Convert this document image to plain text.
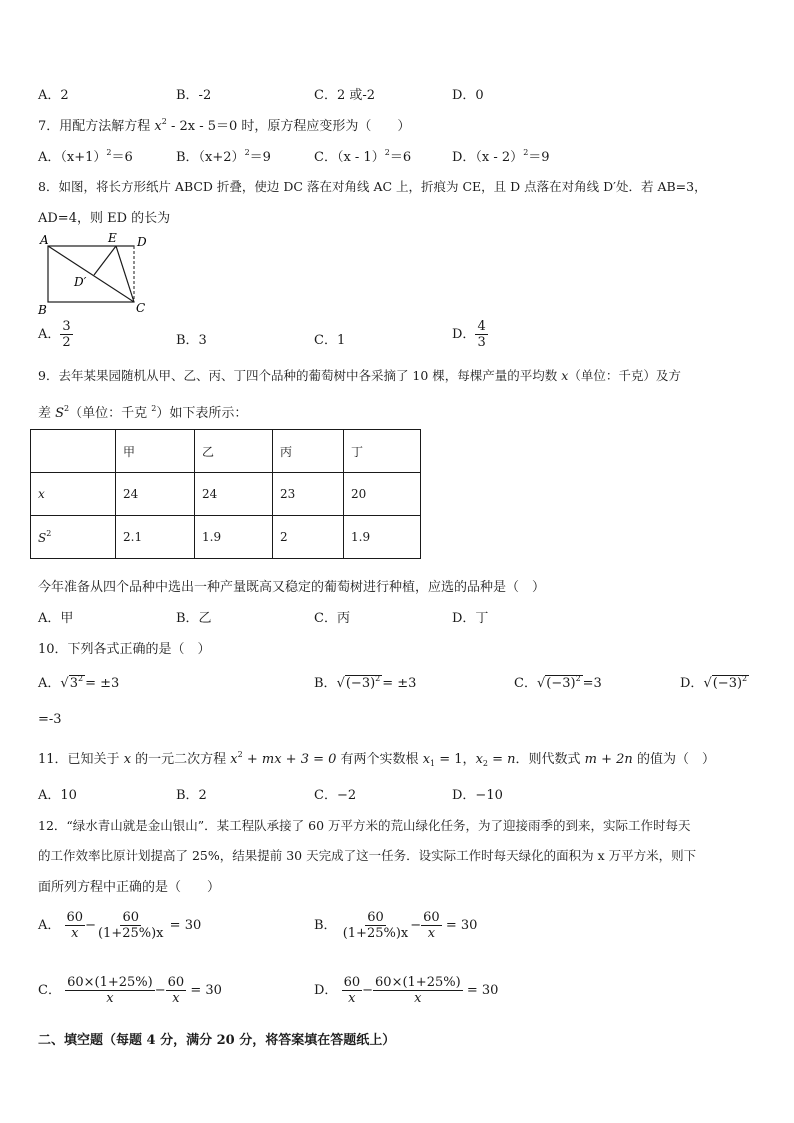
A．2	B．-2	C．2 或-2	D．0
7．用配方法解方程 $x^2 - 2x - 5=0$ 时，原方程应变形为（　　）
A．$(x+1)^2=6$	B．$(x+2)^2=9$	C．（x - 1）$^2$＝6	D．（x - 2）$^2$＝9
8．如图，将长方形纸片 ABCD 折叠，使边 DC 落在对角线 AC 上，折痕为 CE，且 D 点落在对角线 D′处．若 AB=3，
AD=4，则 ED 的长为
A	E D
D′
B	C
A． $\frac{3}{2}$	B．3	C．1	D． $\frac{4}{3}$
9．去年某果园随机从甲、乙、丙、丁四个品种的葡萄树中各采摘了 10 棵，每棵产量的平均数 x（单位：千克）及方
差 $S^2$（单位：千克 $^2$）如下表所示：
	甲	乙	丙	丁
x	24	24	23	20
$S^2$	2.1	1.9	2	1.9
今年准备从四个品种中选出一种产量既高又稳定的葡萄树进行种植，应选的品种是（　）
A．甲	B．乙	C．丙	D．丁
10．下列各式正确的是（　）
A．$√3^2 = \pm 3$	B．$√(-3)^2 = \pm 3$	C．$√(-3)^2 =3$	D．$√(-3)^2$
=-3
11．已知关于 x 的一元二次方程 $x^2$ + mx + 3 = 0 有两个实数根 $x_1 = 1$，$x_2 = n$．则代数式 m + 2n 的值为（　）
A．10	B．2	C．−2	D．−10
12．“绿水青山就是金山银山”．某工程队承接了 60 万平方米的荒山绿化任务，为了迎接雨季的到来，实际工作时每天
的工作效率比原计划提高了 25%，结果提前 30 天完成了这一任务．设实际工作时每天绿化的面积为 x 万平方米，则下
面所列方程中正确的是（　　）
A． $\frac{60}{x} - \frac{60}{(1+25\%)x} = 30$	B． $\frac{60}{(1+25\%)x} - \frac{60}{x} = 30$
C． $\frac{60\times(1+25\%)}{x} - \frac{60}{x} = 30$	D． $\frac{60}{x} - \frac{60\times(1+25\%)}{x} = 30$
二、填空题（每题 4 分，满分 20 分，将答案填在答题纸上）
